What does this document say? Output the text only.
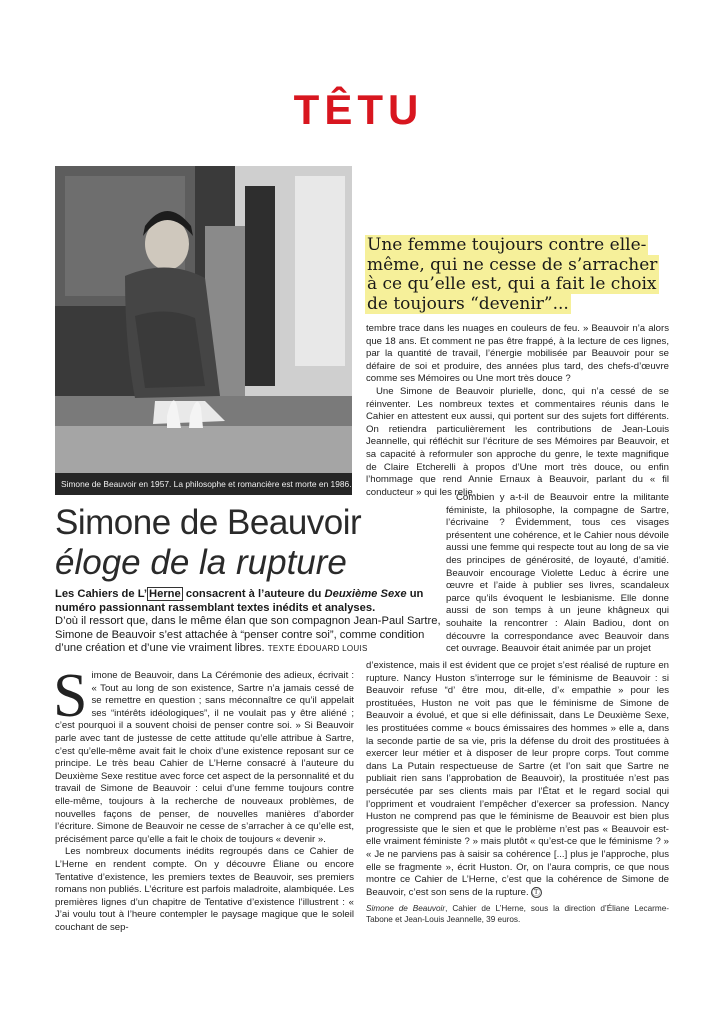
TÊTU
Simone de Beauvoir en 1957. La philosophe et romancière est morte en 1986.
Une femme toujours contre elle-même, qui ne cesse de s’arracher à ce qu’elle est, qui a fait le choix de toujours “devenir”...
Simone de Beauvoir
éloge de la rupture
Les Cahiers de L’ Herne consacrent à l’auteure du Deuxième Sexe un numéro passionnant rassemblant textes inédits et analyses.
D’où il ressort que, dans le même élan que son compagnon Jean-Paul Sartre, Simone de Beauvoir s’est attachée à “penser contre soi”, comme condition d’une création et d’une vie vraiment libres. TEXTE ÉDOUARD LOUIS

Simone de Beauvoir, dans La Cérémonie des adieux, écrivait : « Tout au long de son existence, Sartre n’a jamais cessé de se remettre en question ; sans méconnaître ce qu’il appelait ses “intérêts idéologiques”, il ne voulait pas y être aliéné ; c’est pourquoi il a souvent choisi de penser contre soi. » Si Beauvoir parle avec tant de justesse de cette attitude qu’elle attribue à Sartre, c’est qu’elle-même avait fait le choix d’une existence reposant sur ce principe. Le très beau Cahier de L’Herne consacré à l’auteure du Deuxième Sexe restitue avec force cet aspect de la personnalité et du travail de Simone de Beauvoir : celui d’une femme toujours contre elle-même, toujours à la recherche de nouveaux problèmes, de nouvelles façons de penser, de nouvelles manières d’aborder l’écriture. Simone de Beauvoir ne cesse de s’arracher à ce qu’elle est, précisément parce qu’elle a fait le choix de toujours « devenir ».

Les nombreux documents inédits regroupés dans ce Cahier de L’Herne en rendent compte. On y découvre Éliane ou encore Tentative d’existence, les premiers textes de Beauvoir, ses premiers romans non publiés. L’écriture est parfois maladroite, alambiquée. Les premières lignes d’un chapitre de Tentative d’existence l’illustrent : « J’ai voulu tout à l’heure contempler le paysage magique que le soleil couchant de sep-

tembre trace dans les nuages en couleurs de feu. » Beauvoir n’a alors que 18 ans. Et comment ne pas être frappé, à la lecture de ces lignes, par la quantité de travail, l’énergie mobilisée par Beauvoir pour se défaire de soi et produire, des années plus tard, des chefs-d’œuvre comme ses Mémoires ou Une mort très douce ?

Une Simone de Beauvoir plurielle, donc, qui n’a cessé de se réinventer. Les nombreux textes et commentaires réunis dans le Cahier en attestent eux aussi, qui portent sur des sujets fort différents. On retiendra particulièrement les contributions de Jean-Louis Jeannelle, qui réfléchit sur l’écriture de ses Mémoires par Beauvoir, et sa capacité à reformuler son approche du genre, le texte magnifique de Claire Etcherelli à propos d’Une mort très douce, ou enfin l’hommage que rend Annie Ernaux à Beauvoir, parlant du « fil conducteur » qui les relie.

Combien y a-t-il de Beauvoir entre la militante féministe, la philosophe, la compagne de Sartre, l’écrivaine ? Évidemment, tous ces visages présentent une cohérence, et le Cahier nous dévoile aussi une femme qui respecte tout au long de sa vie des principes de générosité, de loyauté, d’amitié. Beauvoir encourage Violette Leduc à écrire une œuvre et l’aide à publier ses livres, scandaleux parce qu’ils évoquent le lesbianisme. Elle donne aussi de son temps à un jeune khâgneux qui souhaite la rencontrer : Alain Badiou, dont on découvre la correspondance avec Beauvoir dans cet ouvrage. Beauvoir était animée par un projet

d’existence, mais il est évident que ce projet s’est réalisé de rupture en rupture. Nancy Huston s’interroge sur le féminisme de Beauvoir : si Beauvoir refuse “d’ être mou, dit-elle, d’« empathie » pour les prostituées, Huston ne voit pas que le féminisme de Simone de Beauvoir a évolué, et que si elle définissait, dans Le Deuxième Sexe, les prostituées comme « boucs émissaires des hommes » elle a, dans la seconde partie de sa vie, pris la défense du droit des prostituées à exercer leur métier et à disposer de leur propre corps. Tout comme dans La Putain respectueuse de Sartre (et l’on sait que Sartre ne publiait rien sans l’approbation de Beauvoir), la prostituée n’est pas persécutée par ses clients mais par l’État et le regard social qui l’oppriment et voudraient l’empêcher d’exercer sa profession. Nancy Huston ne comprend pas que le féminisme de Beauvoir est bien plus progressiste que le sien et que le problème n’est pas « Beauvoir est-elle vraiment féministe ? » mais plutôt « qu’est-ce que le féminisme ? » « Je ne parviens pas à saisir sa cohérence [...] plus je l’approche, plus elle se fragmente », écrit Huston. Or, on l’aura compris, ce que nous montre ce Cahier de L’Herne, c’est que la cohérence de Simone de Beauvoir, c’est son sens de la rupture. Ⓣ

Simone de Beauvoir, Cahier de L’Herne, sous la direction d’Éliane Lecarme-Tabone et Jean-Louis Jeannelle, 39 euros.
